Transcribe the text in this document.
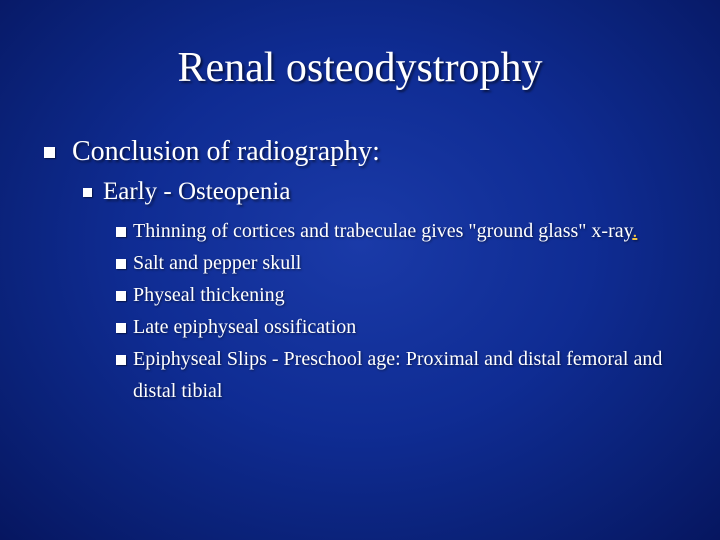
Renal osteodystrophy
Conclusion of radiography:
Early - Osteopenia
Thinning of cortices and trabeculae gives "ground glass" x-ray.
Salt and pepper skull
Physeal thickening
Late epiphyseal ossification
Epiphyseal Slips - Preschool age: Proximal and distal femoral and distal tibial
